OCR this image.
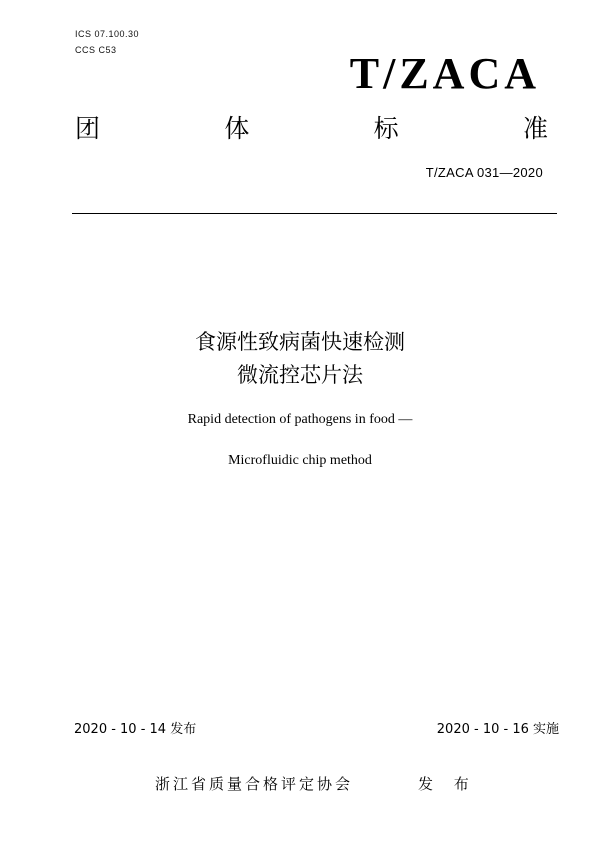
ICS 07.100.30
CCS C53	T/ZACA
团	体	标	准
T/ZACA 031—2020
食源性致病菌快速检测
微流控芯片法
Rapid detection of pathogens in food —
Microfluidic chip method
2020 - 10 - 14 发布	2020 - 10 - 16 实施
浙江省质量合格评定协会	发 布
